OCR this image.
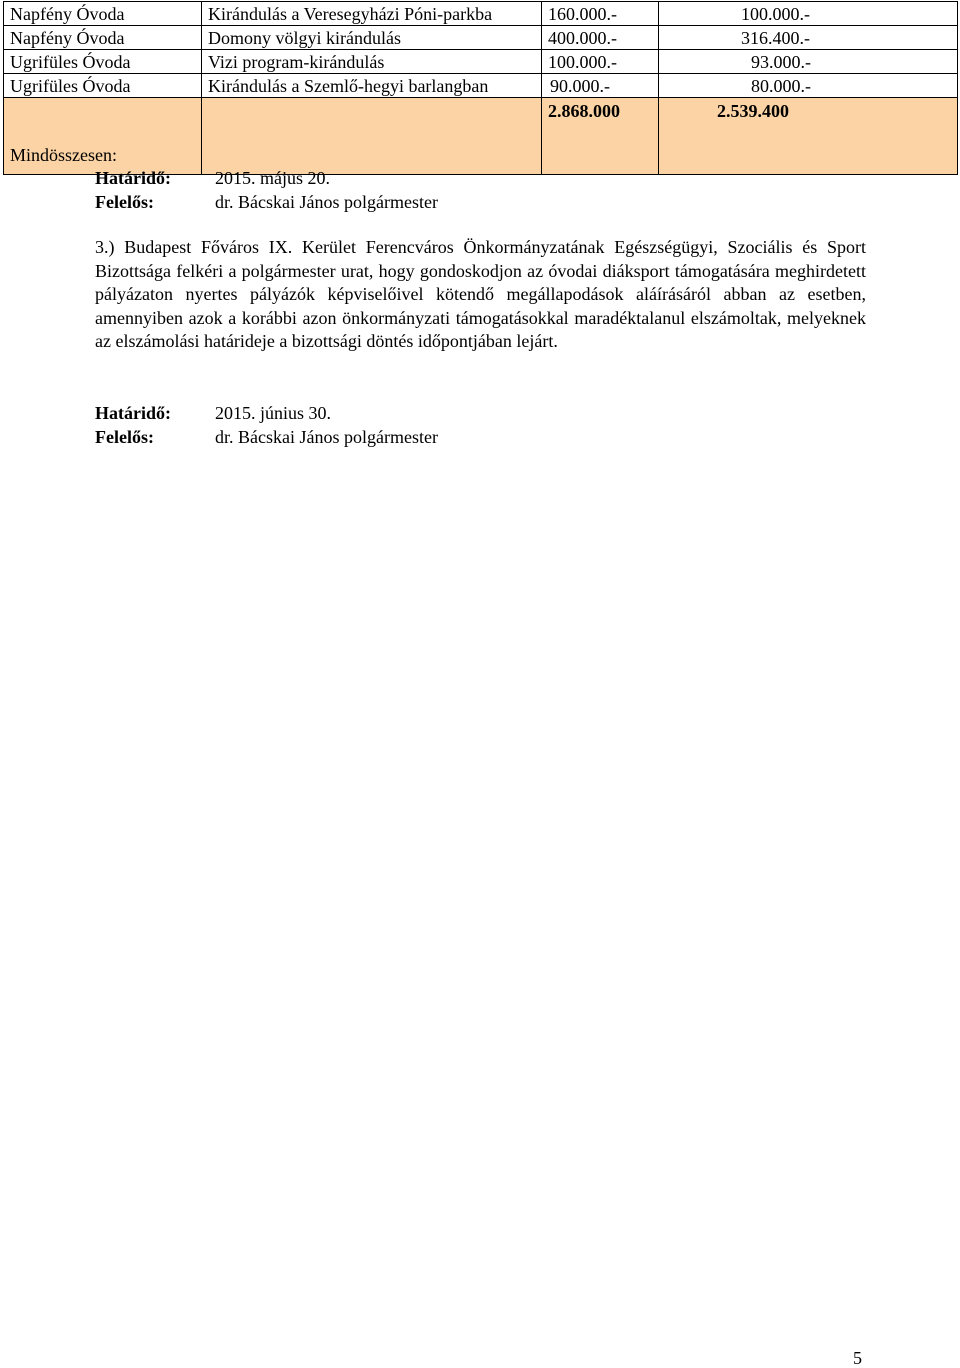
Napfény Óvoda	Kirándulás a Veresegyházi Póni-parkba	160.000.-	100.000.-
Napfény Óvoda	Domony völgyi kirándulás	400.000.-	316.400.-
Ugrifüles Óvoda	Vizi program-kirándulás	100.000.-	93.000.-
Ugrifüles Óvoda	Kirándulás a Szemlő-hegyi barlangban	90.000.-	80.000.-
Mindösszesen:		2.868.000	2.539.400
Határidő: 2015. május 20.
Felelős:	dr. Bácskai János polgármester
3.) Budapest Főváros IX. Kerület Ferencváros Önkormányzatának Egészségügyi, Szociális és Sport Bizottsága felkéri a polgármester urat, hogy gondoskodjon az óvodai diáksport támogatására meghirdetett pályázaton nyertes pályázók képviselőivel kötendő megállapodások aláírásáról abban az esetben, amennyiben azok a korábbi azon önkormányzati támogatásokkal maradéktalanul elszámoltak, melyeknek az elszámolási határideje a bizottsági döntés időpontjában lejárt.
Határidő: 2015. június 30.
Felelős:	dr. Bácskai János polgármester
5
